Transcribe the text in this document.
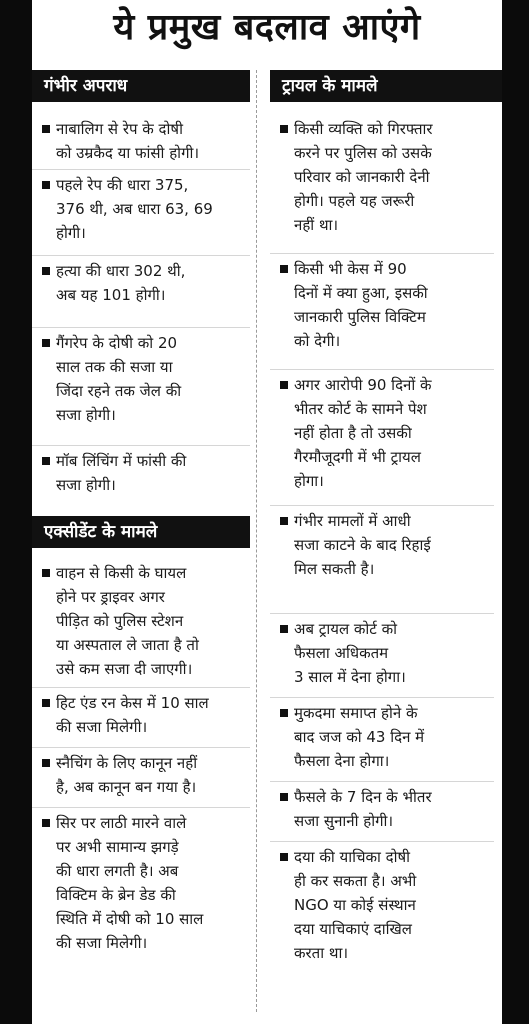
ये प्रमुख बदलाव आएंगे
गंभीर अपराध
नाबालिग से रेप के दोषी
को उम्रकैद या फांसी होगी।
पहले रेप की धारा 375,
376 थी, अब धारा 63, 69
होगी।
हत्या की धारा 302 थी,
अब यह 101 होगी।
गैंगरेप के दोषी को 20
साल तक की सजा या
जिंदा रहने तक जेल की
सजा होगी।
मॉब लिंचिंग में फांसी की
सजा होगी।
एक्सीडेंट के मामले
वाहन से किसी के घायल
होने पर ड्राइवर अगर
पीड़ित को पुलिस स्टेशन
या अस्पताल ले जाता है तो
उसे कम सजा दी जाएगी।
हिट एंड रन केस में 10 साल
की सजा मिलेगी।
स्नैचिंग के लिए कानून नहीं
है, अब कानून बन गया है।
सिर पर लाठी मारने वाले
पर अभी सामान्य झगड़े
की धारा लगती है। अब
विक्टिम के ब्रेन डेड की
स्थिति में दोषी को 10 साल
की सजा मिलेगी।
ट्रायल के मामले
किसी व्यक्ति को गिरफ्तार
करने पर पुलिस को उसके
परिवार को जानकारी देनी
होगी। पहले यह जरूरी
नहीं था।
किसी भी केस में 90
दिनों में क्या हुआ, इसकी
जानकारी पुलिस विक्टिम
को देगी।
अगर आरोपी 90 दिनों के
भीतर कोर्ट के सामने पेश
नहीं होता है तो उसकी
गैरमौजूदगी में भी ट्रायल
होगा।
गंभीर मामलों में आधी
सजा काटने के बाद रिहाई
मिल सकती है।
अब ट्रायल कोर्ट को
फैसला अधिकतम
3 साल में देना होगा।
मुकदमा समाप्त होने के
बाद जज को 43 दिन में
फैसला देना होगा।
फैसले के 7 दिन के भीतर
सजा सुनानी होगी।
दया की याचिका दोषी
ही कर सकता है। अभी
NGO या कोई संस्थान
दया याचिकाएं दाखिल
करता था।
